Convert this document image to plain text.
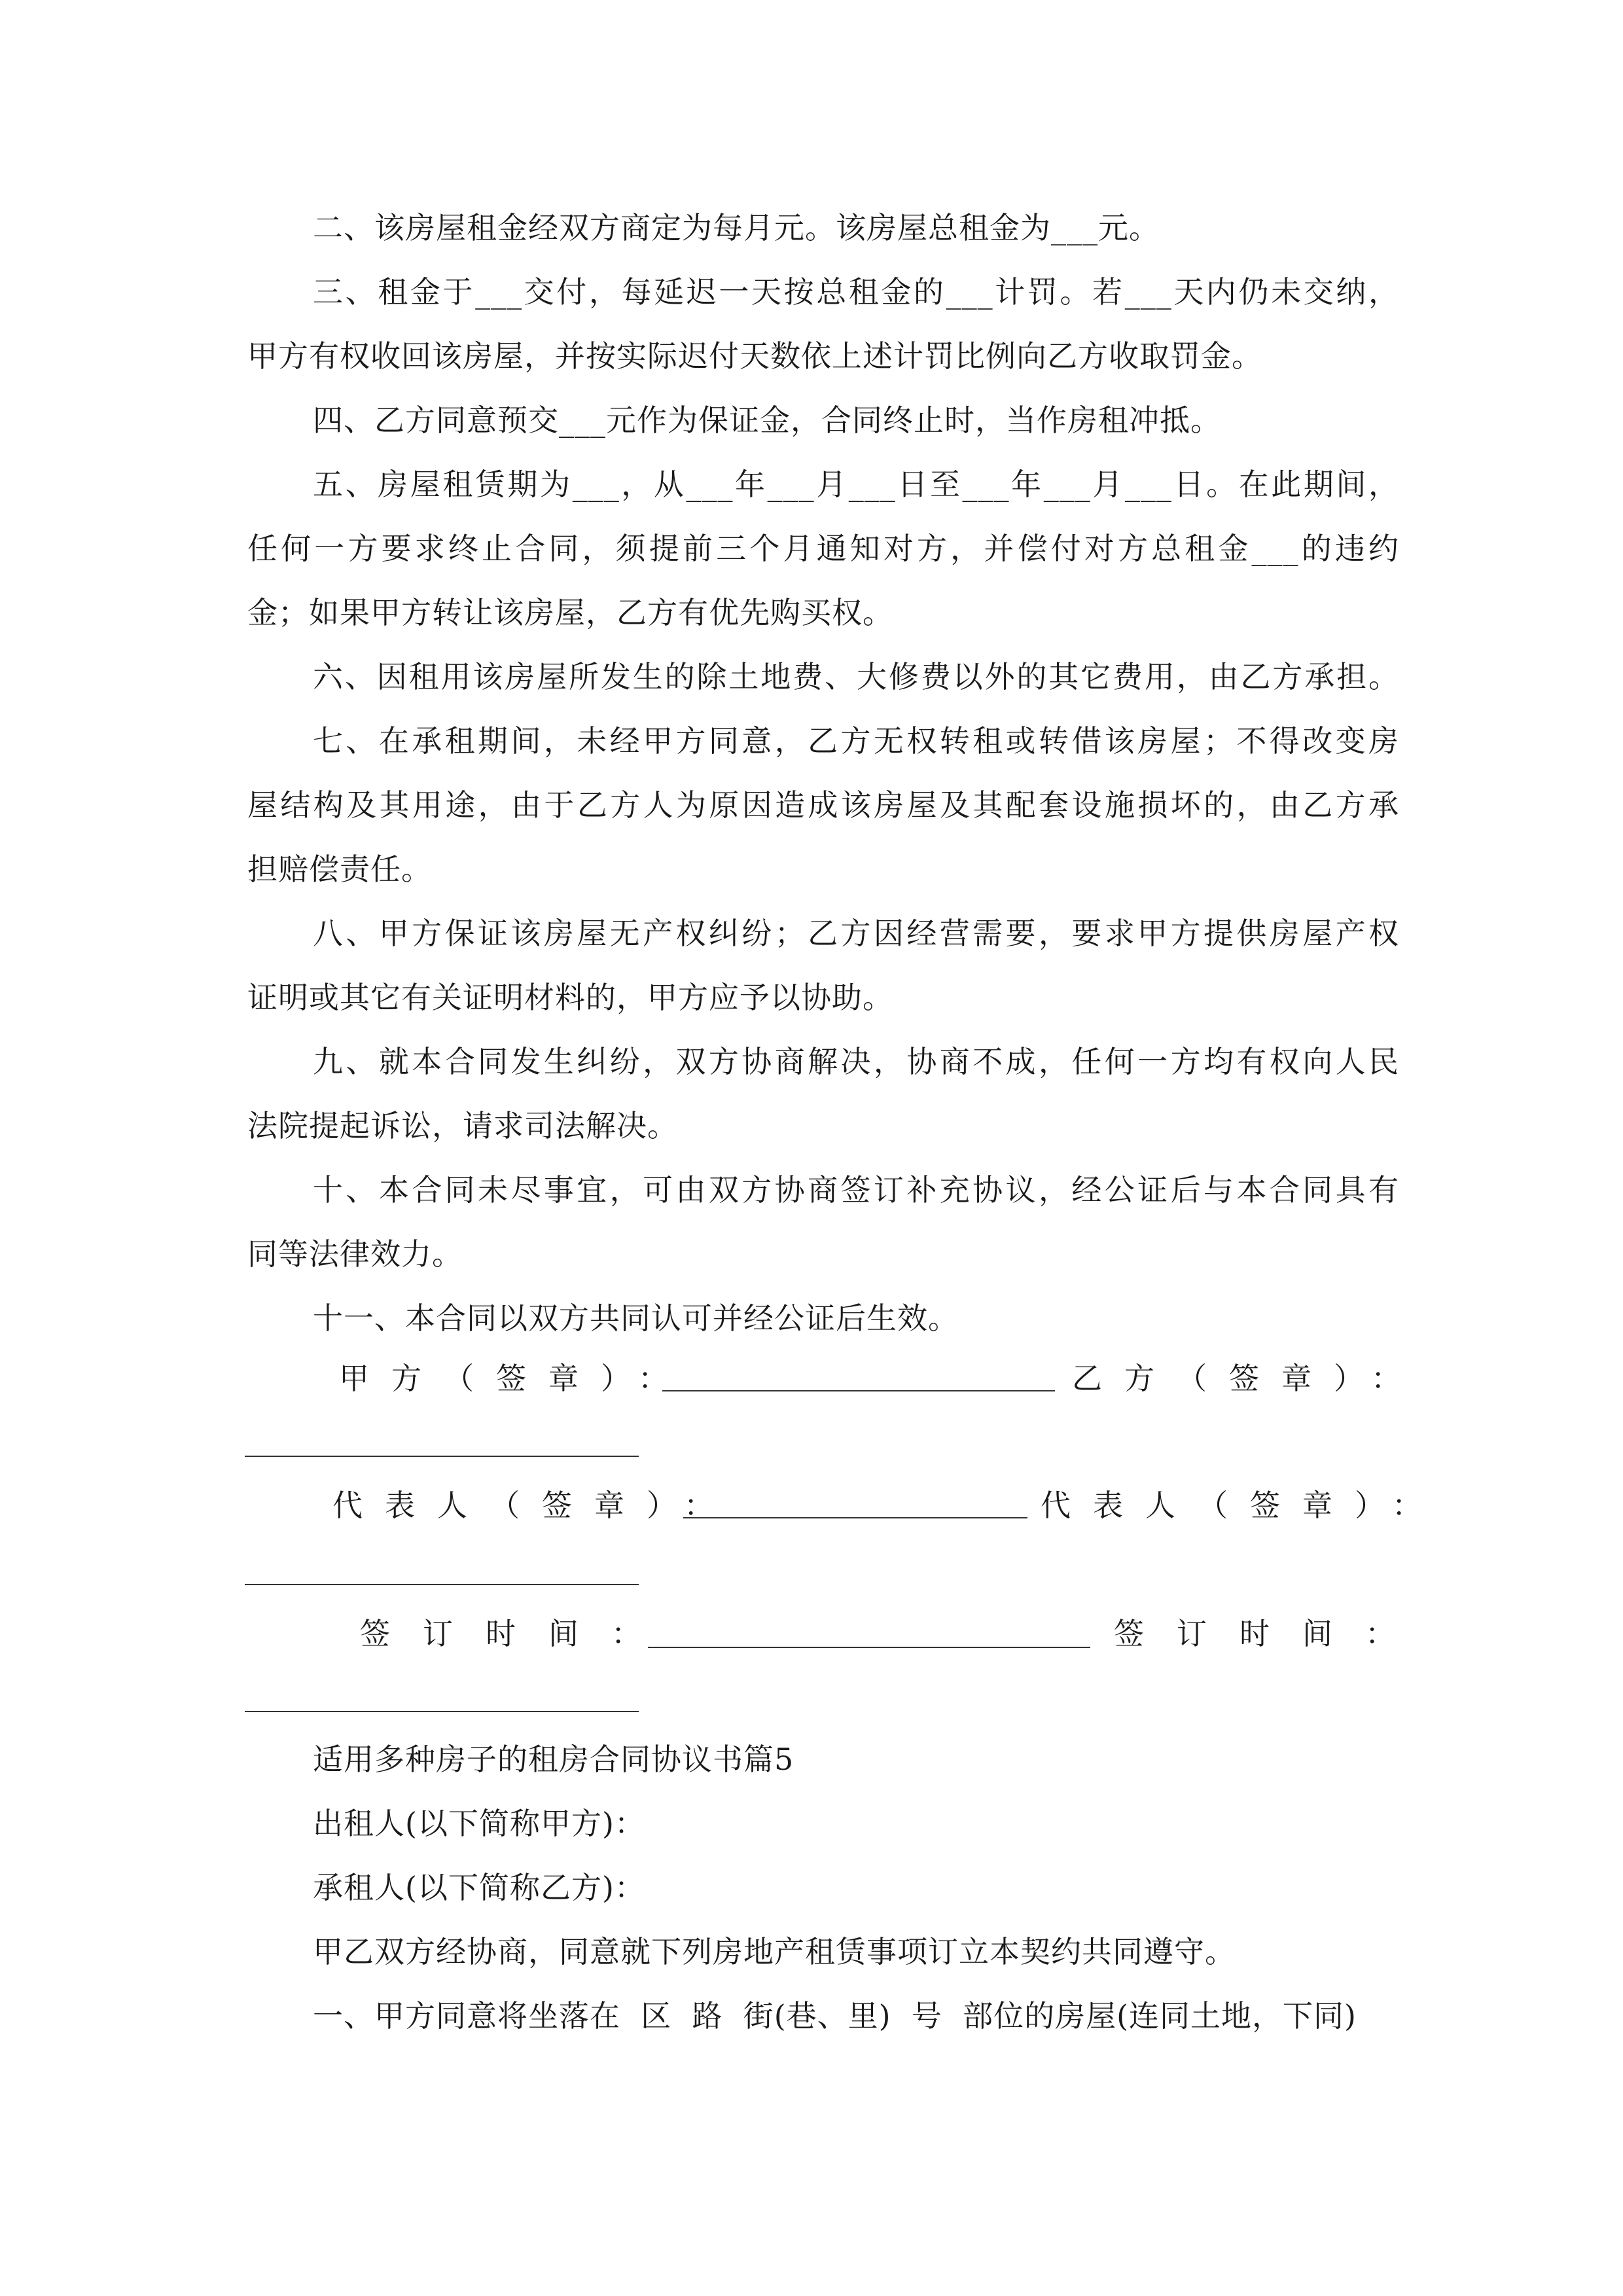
二、该房屋租金经双方商定为每月元。该房屋总租金为___元。
三、租金于___交付，每延迟一天按总租金的___计罚。若___天内仍未交纳，
甲方有权收回该房屋，并按实际迟付天数依上述计罚比例向乙方收取罚金。
四、乙方同意预交___元作为保证金，合同终止时，当作房租冲抵。
五、房屋租赁期为___，从___年___月___日至___年___月___日。在此期间，
任何一方要求终止合同，须提前三个月通知对方，并偿付对方总租金___的违约
金；如果甲方转让该房屋，乙方有优先购买权。
六、因租用该房屋所发生的除土地费、大修费以外的其它费用，由乙方承担。
七、在承租期间，未经甲方同意，乙方无权转租或转借该房屋；不得改变房
屋结构及其用途，由于乙方人为原因造成该房屋及其配套设施损坏的，由乙方承
担赔偿责任。
八、甲方保证该房屋无产权纠纷；乙方因经营需要，要求甲方提供房屋产权
证明或其它有关证明材料的，甲方应予以协助。
九、就本合同发生纠纷，双方协商解决，协商不成，任何一方均有权向人民
法院提起诉讼，请求司法解决。
十、本合同未尽事宜，可由双方协商签订补充协议，经公证后与本合同具有
同等法律效力。
十一、本合同以双方共同认可并经公证后生效。
甲方（签章）：	乙方（签章）：
代表人（签章）：	代表人（签章）：
签订时间：	签订时间：
适用多种房子的租房合同协议书篇5
出租人(以下简称甲方)：
承租人(以下简称乙方)：
甲乙双方经协商，同意就下列房地产租赁事项订立本契约共同遵守。
一、甲方同意将坐落在  区  路  街(巷、里)  号  部位的房屋(连同土地，下同)
